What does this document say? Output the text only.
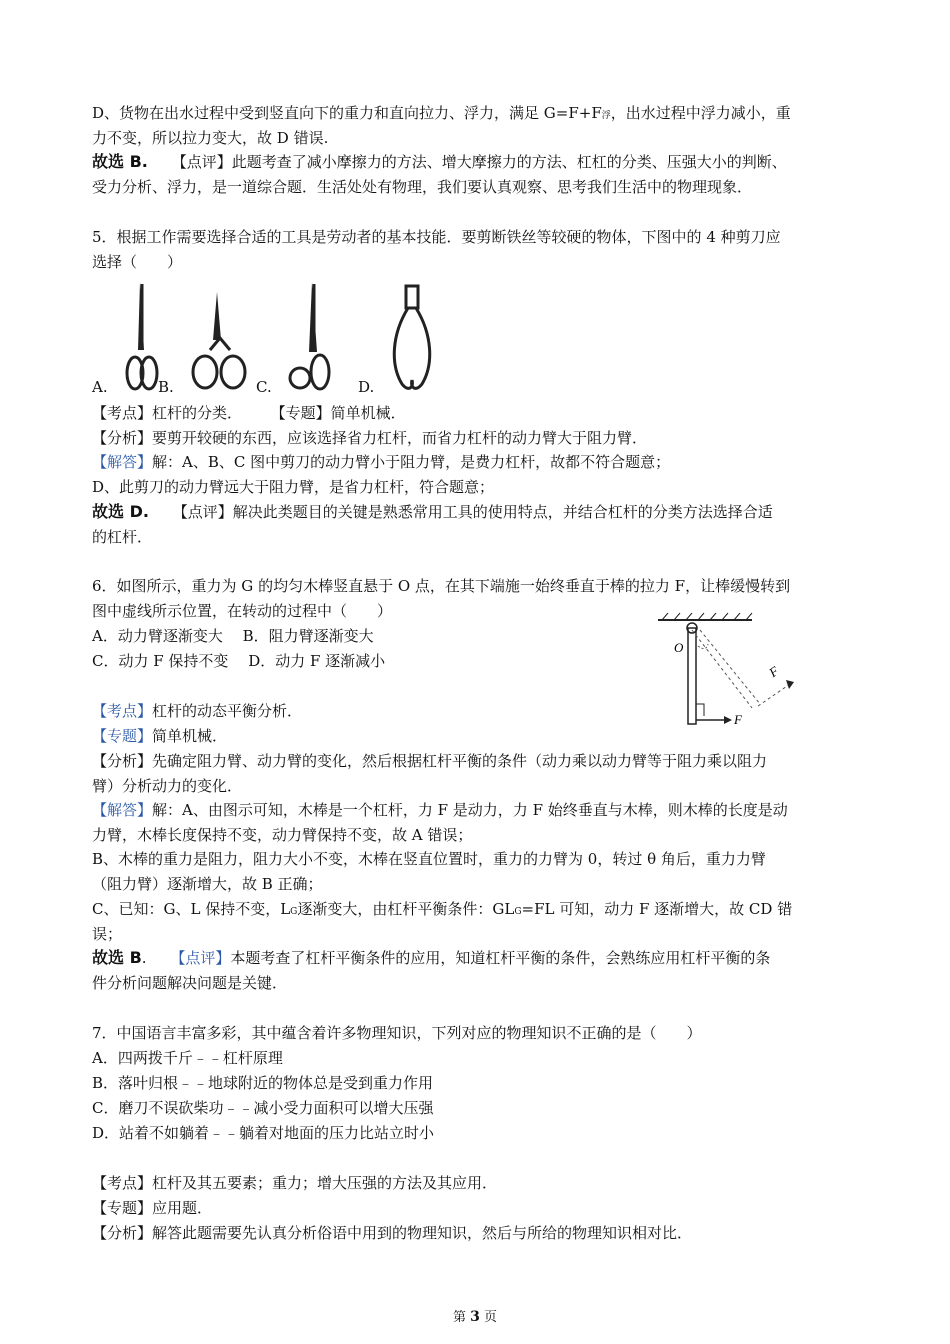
D、货物在出水过程中受到竖直向下的重力和直向拉力、浮力，满足 G=F+F浮，出水过程中浮力减小，重
力不变，所以拉力变大，故 D 错误.
故选 B. 【点评】此题考查了减小摩擦力的方法、增大摩擦力的方法、杠杠的分类、压强大小的判断、
受力分析、浮力，是一道综合题．生活处处有物理，我们要认真观察、思考我们生活中的物理现象．
5．根据工作需要选择合适的工具是劳动者的基本技能．要剪断铁丝等较硬的物体，下图中的 4 种剪刀应
选择（　　）
A.	B.	C.	D.
【考点】杠杆的分类． 【专题】简单机械．
【分析】要剪开较硬的东西，应该选择省力杠杆，而省力杠杆的动力臂大于阻力臂．
【解答】解：A、B、C 图中剪刀的动力臂小于阻力臂，是费力杠杆，故都不符合题意；
D、此剪刀的动力臂远大于阻力臂，是省力杠杆，符合题意；
故选 D. 【点评】解决此类题目的关键是熟悉常用工具的使用特点，并结合杠杆的分类方法选择合适
的杠杆．
6．如图所示，重力为 G 的均匀木棒竖直悬于 O 点，在其下端施一始终垂直于棒的拉力 F，让棒缓慢转到
图中虚线所示位置，在转动的过程中（　　）
A．动力臂逐渐变大　 B．阻力臂逐渐变大
C．动力 F 保持不变　 D．动力 F 逐渐减小
O
F
F
【考点】杠杆的动态平衡分析．
【专题】简单机械．
【分析】先确定阻力臂、动力臂的变化，然后根据杠杆平衡的条件（动力乘以动力臂等于阻力乘以阻力
臂）分析动力的变化．
【解答】解：A、由图示可知，木棒是一个杠杆，力 F 是动力，力 F 始终垂直与木棒，则木棒的长度是动
力臂，木棒长度保持不变，动力臂保持不变，故 A 错误；
B、木棒的重力是阻力，阻力大小不变，木棒在竖直位置时，重力的力臂为 0，转过 θ 角后，重力力臂
（阻力臂）逐渐增大，故 B 正确；
C、已知：G、L 保持不变，LG逐渐变大，由杠杆平衡条件：GLG=FL 可知，动力 F 逐渐增大，故 CD 错
误；
故选 B. 【点评】本题考查了杠杆平衡条件的应用，知道杠杆平衡的条件，会熟练应用杠杆平衡的条
件分析问题解决问题是关键．
7．中国语言丰富多彩，其中蕴含着许多物理知识，下列对应的物理知识不正确的是（　　）
A．四两拨千斤﹣﹣杠杆原理
B．落叶归根﹣﹣地球附近的物体总是受到重力作用
C．磨刀不误砍柴功﹣﹣减小受力面积可以增大压强
D．站着不如躺着﹣﹣躺着对地面的压力比站立时小
【考点】杠杆及其五要素；重力；增大压强的方法及其应用．
【专题】应用题．
【分析】解答此题需要先认真分析俗语中用到的物理知识，然后与所给的物理知识相对比．
第 3 页
